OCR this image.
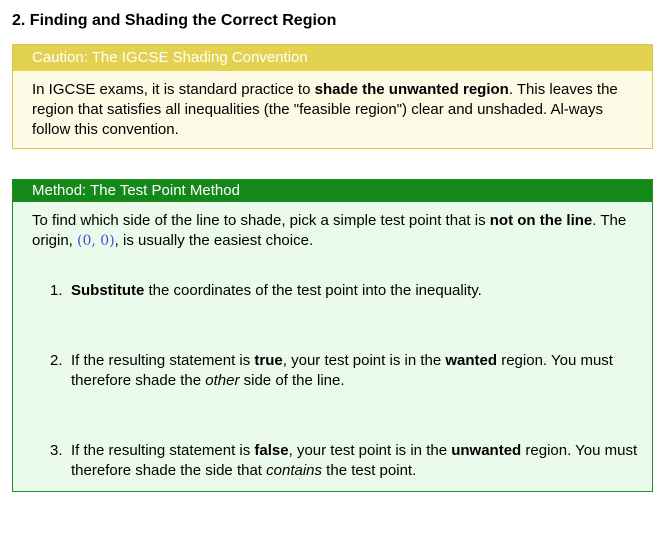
2. Finding and Shading the Correct Region
Caution: The IGCSE Shading Convention
In IGCSE exams, it is standard practice to shade the unwanted region. This leaves the region that satisfies all inequalities (the "feasible region") clear and unshaded. Al-ways follow this convention.
Method: The Test Point Method
To find which side of the line to shade, pick a simple test point that is not on the line. The origin, (0, 0), is usually the easiest choice.
1. Substitute the coordinates of the test point into the inequality.
2. If the resulting statement is true, your test point is in the wanted region. You must therefore shade the other side of the line.
3. If the resulting statement is false, your test point is in the unwanted region. You must therefore shade the side that contains the test point.
